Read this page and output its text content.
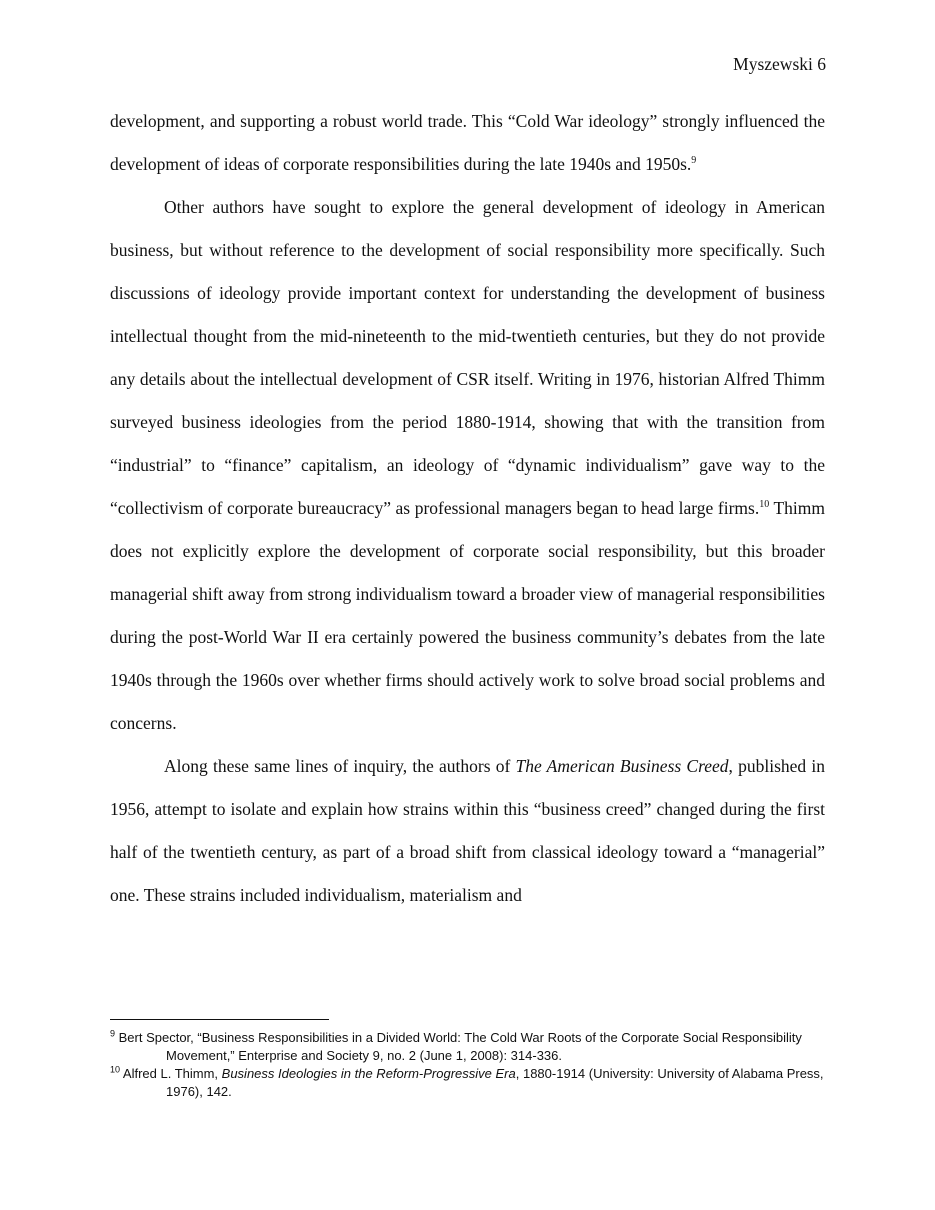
Myszewski 6

development, and supporting a robust world trade. This “Cold War ideology” strongly influenced the development of ideas of corporate responsibilities during the late 1940s and 1950s.$^9$

Other authors have sought to explore the general development of ideology in American business, but without reference to the development of social responsibility more specifically. Such discussions of ideology provide important context for understanding the development of business intellectual thought from the mid-nineteenth to the mid-twentieth centuries, but they do not provide any details about the intellectual development of CSR itself. Writing in 1976, historian Alfred Thimm surveyed business ideologies from the period 1880-1914, showing that with the transition from “industrial” to “finance” capitalism, an ideology of “dynamic individualism” gave way to the “collectivism of corporate bureaucracy” as professional managers began to head large firms.$^{10}$ Thimm does not explicitly explore the development of corporate social responsibility, but this broader managerial shift away from strong individualism toward a broader view of managerial responsibilities during the post-World War II era certainly powered the business community’s debates from the late 1940s through the 1960s over whether firms should actively work to solve broad social problems and concerns.

Along these same lines of inquiry, the authors of The American Business Creed, published in 1956, attempt to isolate and explain how strains within this “business creed” changed during the first half of the twentieth century, as part of a broad shift from classical ideology toward a “managerial” one. These strains included individualism, materialism and

$^9$ Bert Spector, “Business Responsibilities in a Divided World: The Cold War Roots of the Corporate Social Responsibility Movement,” Enterprise and Society 9, no. 2 (June 1, 2008): 314-336.

$^{10}$ Alfred L. Thimm, Business Ideologies in the Reform-Progressive Era, 1880-1914 (University: University of Alabama Press, 1976), 142.
